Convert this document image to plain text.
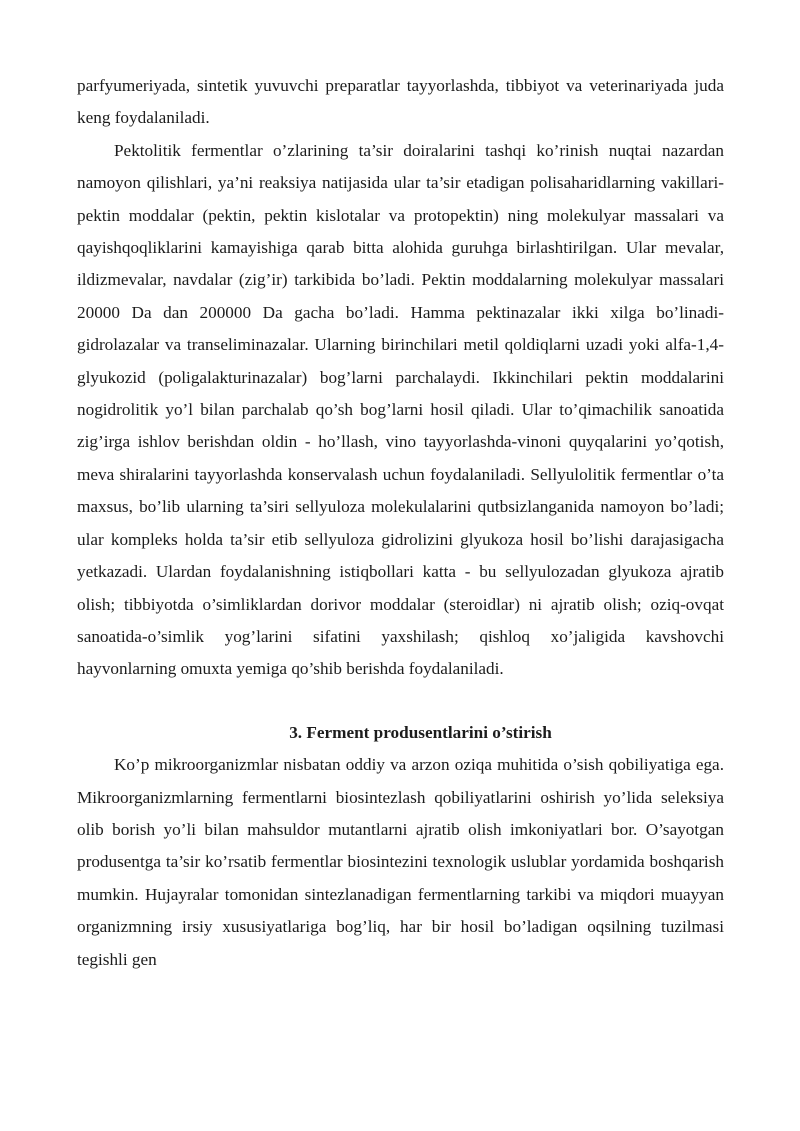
parfyumeriyada, sintetik yuvuvchi preparatlar tayyorlashda, tibbiyot va veterinariyada juda keng foydalaniladi.

Pektolitik fermentlar o’zlarining ta’sir doiralarini tashqi ko’rinish nuqtai nazardan namoyon qilishlari, ya’ni reaksiya natijasida ular ta’sir etadigan polisaharidlarning vakillari-pektin moddalar (pektin, pektin kislotalar va protopektin) ning molekulyar massalari va qayishqoqliklarini kamayishiga qarab bitta alohida guruhga birlashtirilgan. Ular mevalar, ildizmevalar, navdalar (zig’ir) tarkibida bo’ladi. Pektin moddalarning molekulyar massalari 20000 Da dan 200000 Da gacha bo’ladi. Hamma pektinazalar ikki xilga bo’linadi-gidrolazalar va transeliminazalar. Ularning birinchilari metil qoldiqlarni uzadi yoki alfa-1,4-glyukozid (poligalakturinazalar) bog’larni parchalaydi. Ikkinchilari pektin moddalarini nogidrolitik yo’l bilan parchalab qo’sh bog’larni hosil qiladi. Ular to’qimachilik sanoatida zig’irga ishlov berishdan oldin - ho’llash, vino tayyorlashda-vinoni quyqalarini yo’qotish, meva shiralarini tayyorlashda konservalash uchun foydalaniladi. Sellyulolitik fermentlar o’ta maxsus, bo’lib ularning ta’siri sellyuloza molekulalarini qutbsizlanganida namoyon bo’ladi; ular kompleks holda ta’sir etib sellyuloza gidrolizini glyukoza hosil bo’lishi darajasigacha yetkazadi. Ulardan foydalanishning istiqbollari katta - bu sellyulozadan glyukoza ajratib olish; tibbiyotda o’simliklardan dorivor moddalar (steroidlar) ni ajratib olish; oziq-ovqat sanoatida-o’simlik yog’larini sifatini yaxshilash; qishloq xo’jaligida kavshovchi hayvonlarning omuxta yemiga qo’shib berishda foydalaniladi.

3. Ferment produsentlarini o’stirish

Ko’p mikroorganizmlar nisbatan oddiy va arzon oziqa muhitida o’sish qobiliyatiga ega. Mikroorganizmlarning fermentlarni biosintezlash qobiliyatlarini oshirish yo’lida seleksiya olib borish yo’li bilan mahsuldor mutantlarni ajratib olish imkoniyatlari bor. O’sayotgan produsentga ta’sir ko’rsatib fermentlar biosintezini texnologik uslublar yordamida boshqarish mumkin. Hujayralar tomonidan sintezlanadigan fermentlarning tarkibi va miqdori muayyan organizmning irsiy xususiyatlariga bog’liq, har bir hosil bo’ladigan oqsilning tuzilmasi tegishli gen
